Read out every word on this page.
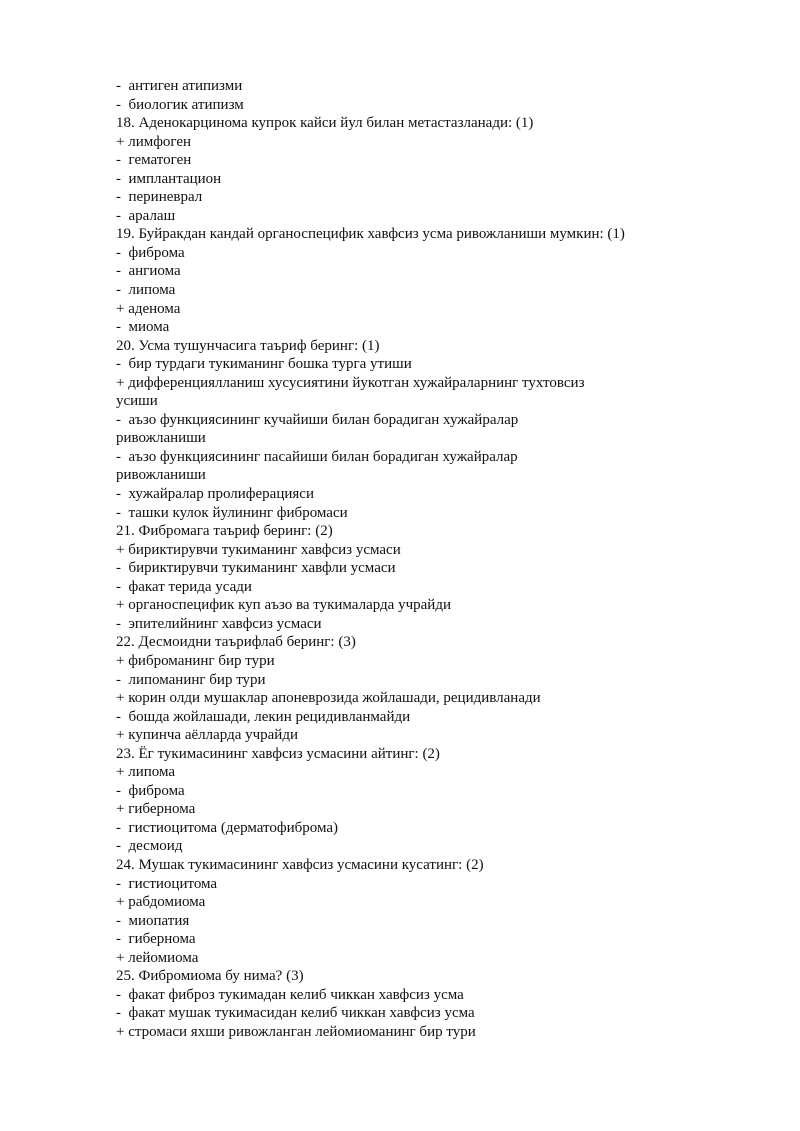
-  антиген атипизми

-  биологик атипизм

18. Аденокарцинома купрок кайси йул билан метастазланади: (1)

+ лимфоген

-  гематоген

-  имплантацион

-  периневрал

-  аралаш

19. Буйракдан кандай органоспецифик хавфсиз усма ривожланиши мумкин: (1)

-  фиброма

-  ангиома

-  липома

+ аденома

-  миома

20. Усма тушунчасига таъриф беринг: (1)

-  бир турдаги тукиманинг бошка турга утиши

+ дифференциялланиш хусусиятини йукотган хужайраларнинг тухтовсиз

усиши

-  аъзо функциясининг кучайиши билан борадиган хужайралар

ривожланиши

-  аъзо функциясининг пасайиши билан борадиган хужайралар

ривожланиши

-  хужайралар пролиферацияси

-  ташки кулок йулининг фибромаси

21. Фибромага таъриф беринг: (2)

+ бириктирувчи тукиманинг хавфсиз усмаси

-  бириктирувчи тукиманинг хавфли усмаси

-  факат терида усади

+ органоспецифик куп аъзо ва тукималарда учрайди

-  эпителийнинг хавфсиз усмаси

22. Десмоидни таърифлаб беринг: (3)

+ фиброманинг бир тури

-  липоманинг бир тури

+ корин олди мушаклар апоневрозида жойлашади, рецидивланади

-  бошда жойлашади, лекин рецидивланмайди

+ купинча аёлларда учрайди

23. Ёг тукимасининг хавфсиз усмасини айтинг: (2)

+ липома

-  фиброма

+ гибернома

-  гистиоцитома (дерматофиброма)

-  десмоид

24. Мушак тукимасининг хавфсиз усмасини кусатинг: (2)

-  гистиоцитома

+ рабдомиома

-  миопатия

-  гибернома

+ лейомиома

25. Фибромиома бу нима? (3)

-  факат фиброз тукимадан келиб чиккан хавфсиз усма

-  факат мушак тукимасидан келиб чиккан хавфсиз усма

+ стромаси яхши ривожланган лейомиоманинг бир тури
